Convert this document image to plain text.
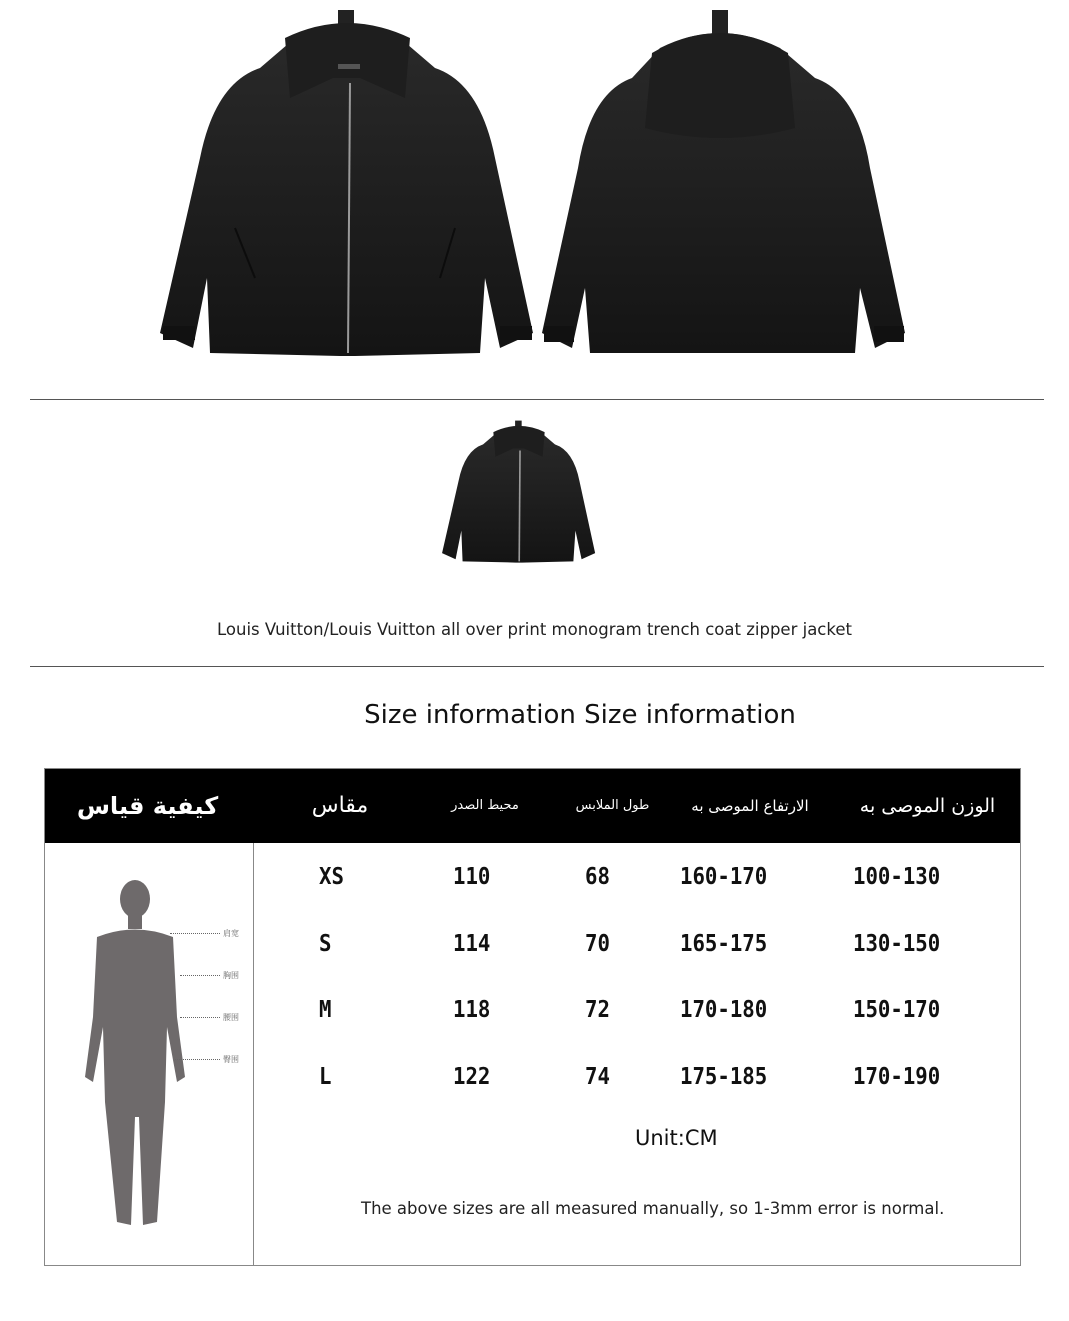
Louis Vuitton/Louis Vuitton all over print monogram trench coat zipper jacket
Size information Size information
كيفية قياس	مقاس	محيط الصدر	طول الملابس	الارتفاع الموصى به	الوزن الموصى به
肩宽
胸围
腰围
臀围
XS	110	68	160-170	100-130
S	114	70	165-175	130-150
M	118	72	170-180	150-170
L	122	74	175-185	170-190
Unit:CM
The above sizes are all measured manually, so 1-3mm error is normal.
